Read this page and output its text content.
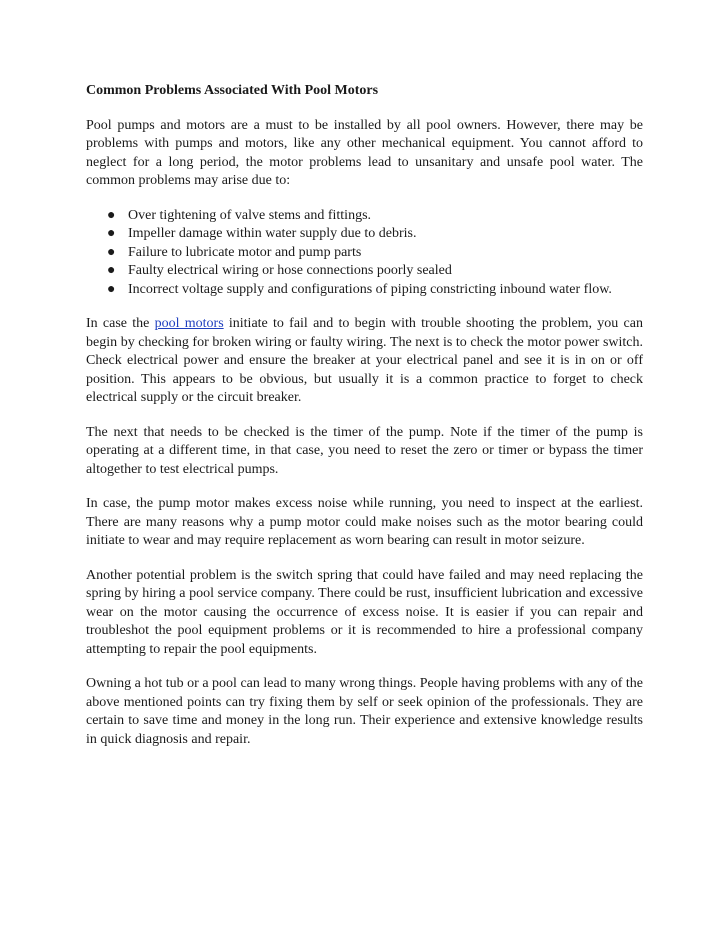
Common Problems Associated With Pool Motors

Pool pumps and motors are a must to be installed by all pool owners. However, there may be problems with pumps and motors, like any other mechanical equipment. You cannot afford to neglect for a long period, the motor problems lead to unsanitary and unsafe pool water. The common problems may arise due to:

● Over tightening of valve stems and fittings.
● Impeller damage within water supply due to debris.
● Failure to lubricate motor and pump parts
● Faulty electrical wiring or hose connections poorly sealed
● Incorrect voltage supply and configurations of piping constricting inbound water flow.

In case the pool motors initiate to fail and to begin with trouble shooting the problem, you can begin by checking for broken wiring or faulty wiring. The next is to check the motor power switch. Check electrical power and ensure the breaker at your electrical panel and see it is in on or off position. This appears to be obvious, but usually it is a common practice to forget to check electrical supply or the circuit breaker.

The next that needs to be checked is the timer of the pump. Note if the timer of the pump is operating at a different time, in that case, you need to reset the zero or timer or bypass the timer altogether to test electrical pumps.

In case, the pump motor makes excess noise while running, you need to inspect at the earliest. There are many reasons why a pump motor could make noises such as the motor bearing could initiate to wear and may require replacement as worn bearing can result in motor seizure.

Another potential problem is the switch spring that could have failed and may need replacing the spring by hiring a pool service company. There could be rust, insufficient lubrication and excessive wear on the motor causing the occurrence of excess noise. It is easier if you can repair and troubleshot the pool equipment problems or it is recommended to hire a professional company attempting to repair the pool equipments.

Owning a hot tub or a pool can lead to many wrong things. People having problems with any of the above mentioned points can try fixing them by self or seek opinion of the professionals. They are certain to save time and money in the long run. Their experience and extensive knowledge results in quick diagnosis and repair.
